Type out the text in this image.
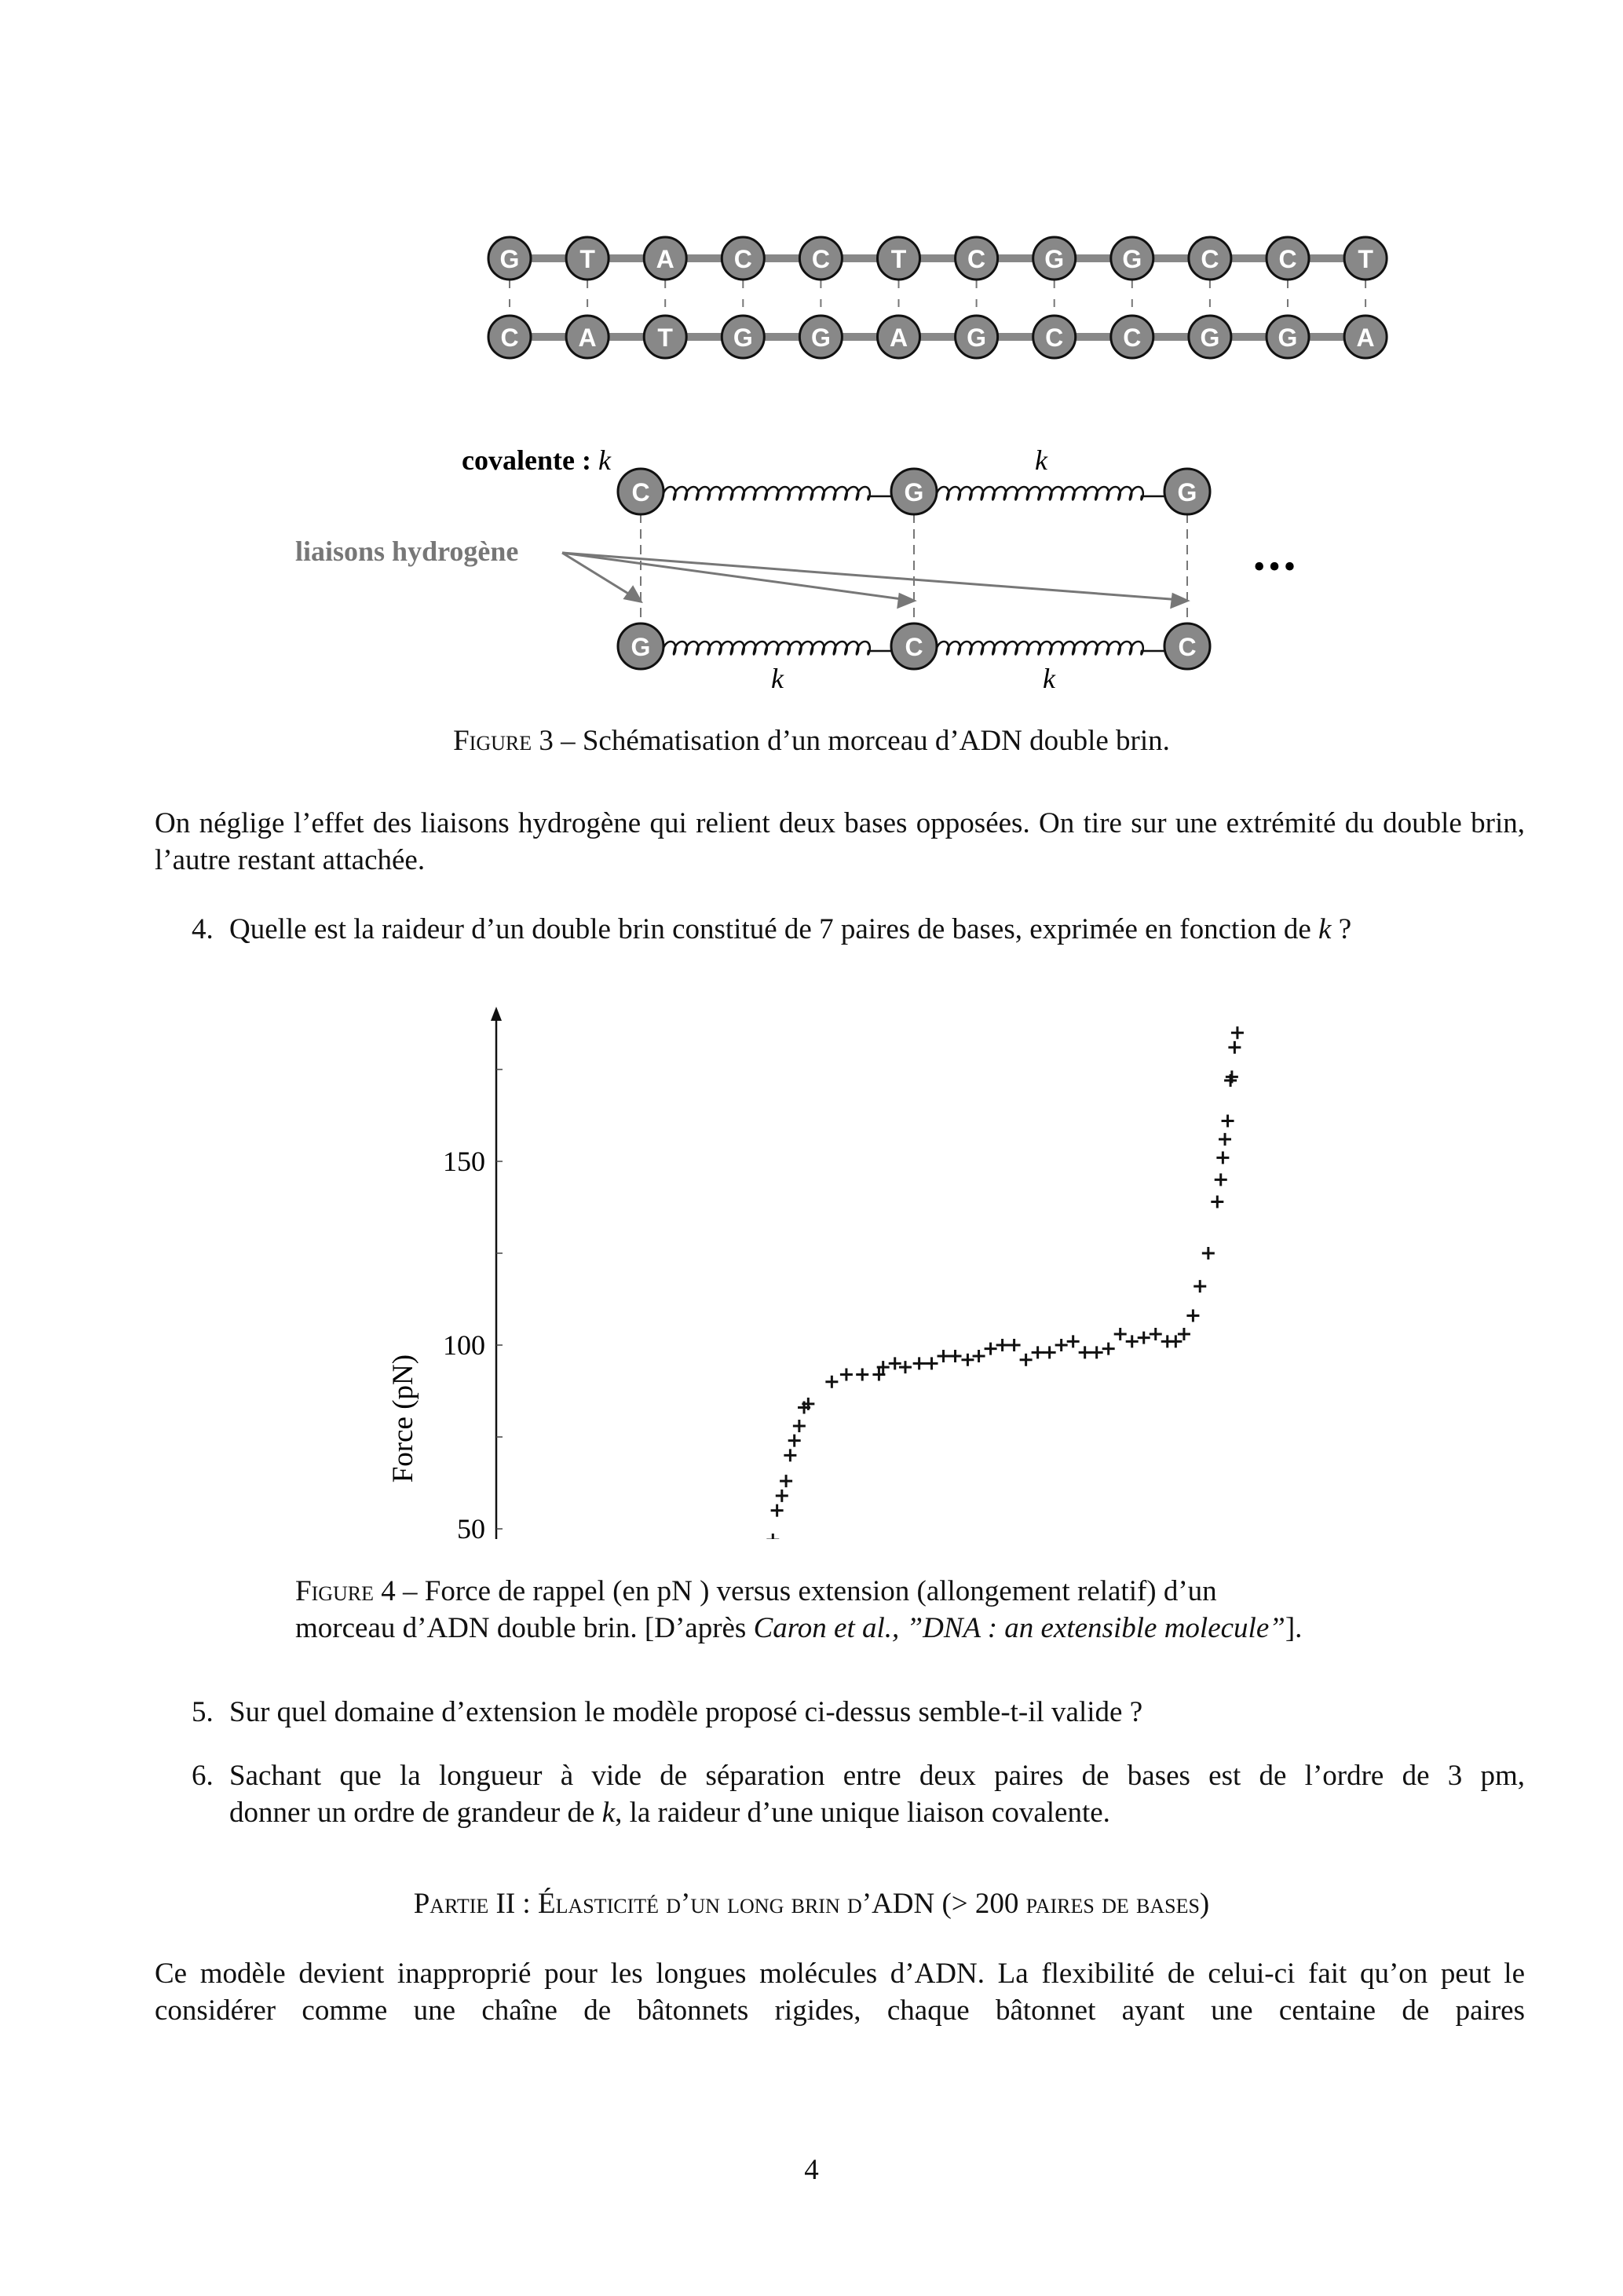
G
C
T
A
A
T
C
G
C
G
T
A
C
G
G
C
G
C
C
G
C
G
T
A
C	G	G
G	C	C
covalente : k	k
k	k
liaisons hydrogène	•••
Figure 3 – Schématisation d’un morceau d’ADN double brin.
On néglige l’effet des liaisons hydrogène qui relient deux bases opposées. On tire sur une extrémité du double brin, l’autre restant attachée.
4. Quelle est la raideur d’un double brin constitué de 7 paires de bases, exprimée en fonction de k ?
50
100
150
Force (pN)
Figure 4 – Force de rappel (en pN ) versus extension (allongement relatif) d’un
morceau d’ADN double brin. [D’après Caron et al., ”DNA : an extensible molecule”].
5. Sur quel domaine d’extension le modèle proposé ci-dessus semble-t-il valide ?
6. Sachant que la longueur à vide de séparation entre deux paires de bases est de l’ordre de 3 pm,
donner un ordre de grandeur de k, la raideur d’une unique liaison covalente.
Partie II : Élasticité d’un long brin d’ADN (> 200 paires de bases)
Ce modèle devient inapproprié pour les longues molécules d’ADN. La flexibilité de celui-ci fait qu’on peut le considérer comme une chaîne de bâtonnets rigides, chaque bâtonnet ayant une centaine de paires
4
